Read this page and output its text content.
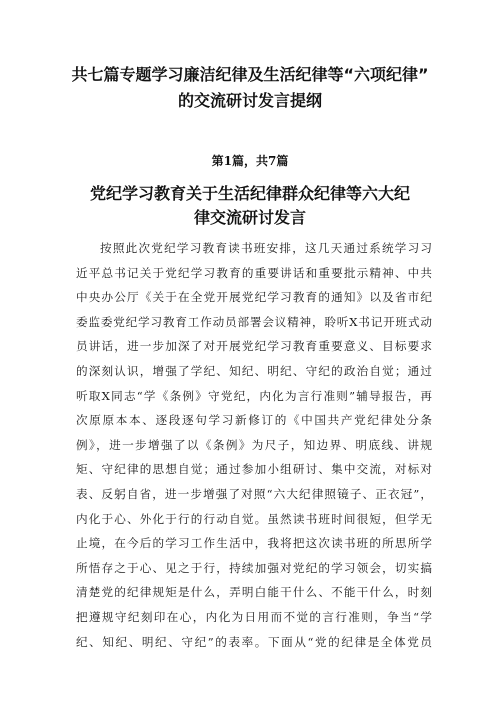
共七篇专题学习廉洁纪律及生活纪律等“六项纪律”
的交流研讨发言提纲
第1篇，共7篇
党纪学习教育关于生活纪律群众纪律等六大纪
律交流研讨发言
按照此次党纪学习教育读书班安排，这几天通过系统学习习
近平总书记关于党纪学习教育的重要讲话和重要批示精神、中共
中央办公厅《关于在全党开展党纪学习教育的通知》以及省市纪
委监委党纪学习教育工作动员部署会议精神，聆听X书记开班式动
员讲话，进一步加深了对开展党纪学习教育重要意义、目标要求
的深刻认识，增强了学纪、知纪、明纪、守纪的政治自觉；通过
听取X同志“学《条例》守党纪，内化为言行准则”辅导报告，再
次原原本本、逐段逐句学习新修订的《中国共产党纪律处分条
例》，进一步增强了以《条例》为尺子，知边界、明底线、讲规
矩、守纪律的思想自觉；通过参加小组研讨、集中交流，对标对
表、反躬自省，进一步增强了对照“六大纪律照镜子、正衣冠”，
内化于心、外化于行的行动自觉。虽然读书班时间很短，但学无
止境，在今后的学习工作生活中，我将把这次读书班的所思所学
所悟存之于心、见之于行，持续加强对党纪的学习领会，切实搞
清楚党的纪律规矩是什么，弄明白能干什么、不能干什么，时刻
把遵规守纪刻印在心，内化为日用而不觉的言行准则，争当“学
纪、知纪、明纪、守纪”的表率。下面从“党的纪律是全体党员
